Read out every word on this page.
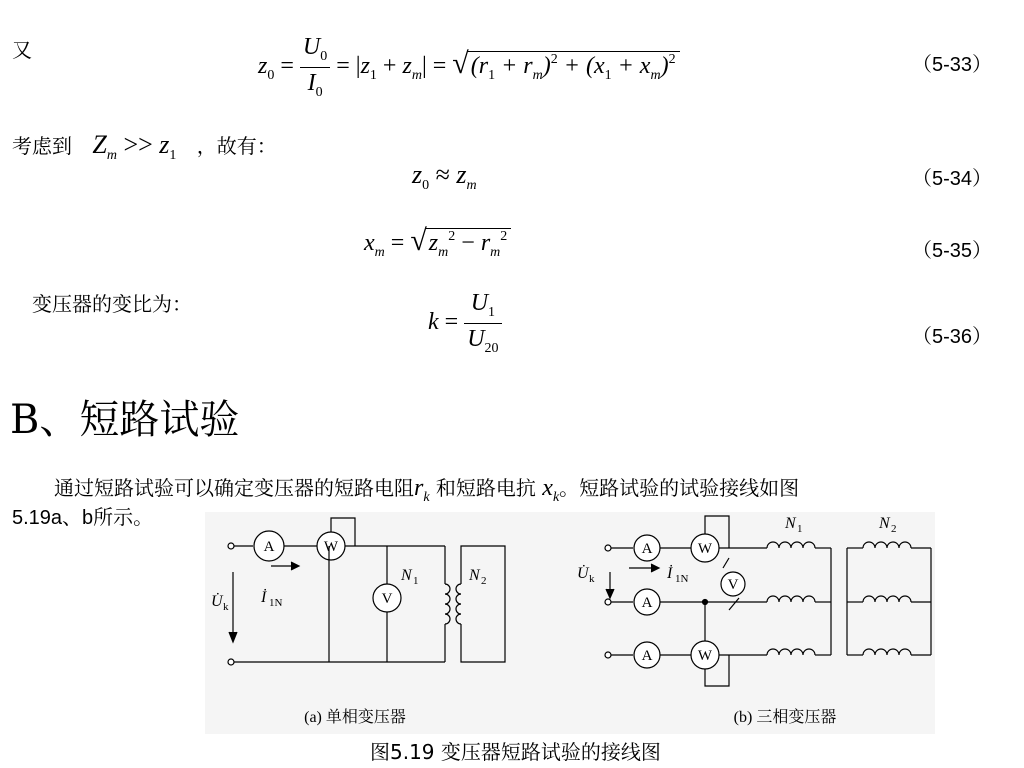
又
$z_0 = \frac{U_0}{I_0} = |z_1 + z_m| = √(r_1 + r_m)^2 + (x_1 + x_m)^2$	（5-33）
考虑到 $Z_m >> z_1$ ，故有：
$z_0 \approx z_m$	（5-34）
$x_m = √z_m^2 - r_m^2$
（5-35）
变压器的变比为：
$k = \frac{U_1}{U_{20}}$	（5-36）
B、短路试验
通过短路试验可以确定变压器的短路电阻$r_k$ 和短路电抗 $x_k$。短路试验的试验接线如图
5.19a、b所示。
A	W
V
A
A
A
W
W
V
U̇ k
İ 1N
N 1	N 2	U̇ k	İ 1N
N 1	N 2
(a) 单相变压器	(b) 三相变压器
图5.19 变压器短路试验的接线图
